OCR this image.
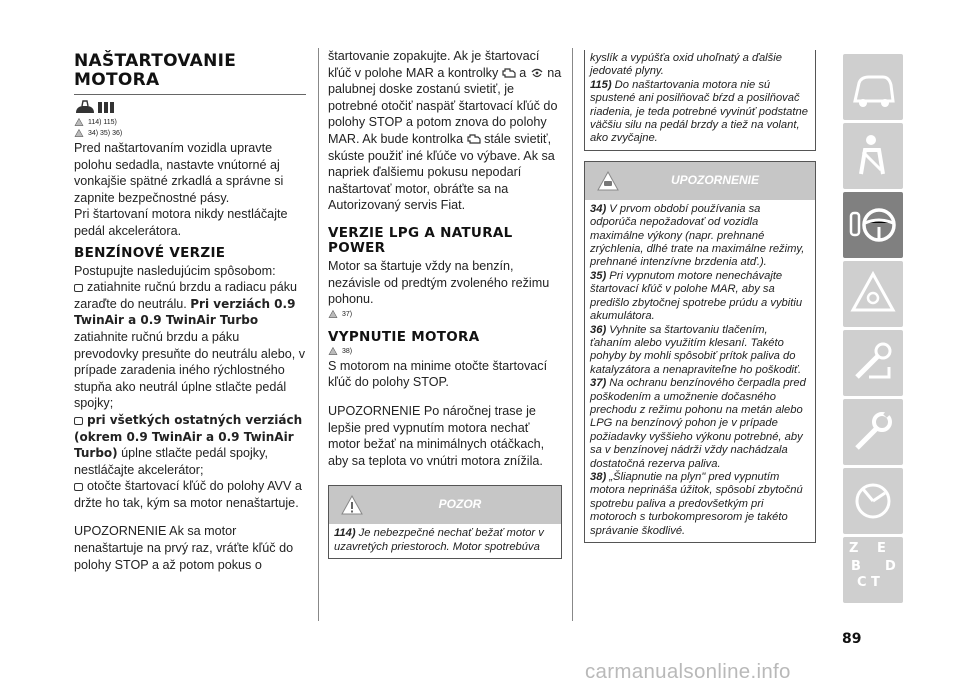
NAŠTARTOVANIE
MOTORA
114) 115)
34) 35) 36)

Pred naštartovaním vozidla upravte polohu sedadla, nastavte vnútorné aj vonkajšie spätné zrkadlá a správne si zapnite bezpečnostné pásy.

Pri štartovaní motora nikdy nestláčajte pedál akcelerátora.

BENZÍNOVÉ VERZIE

Postupujte nasledujúcim spôsobom:

zatiahnite ručnú brzdu a radiacu páku zaraďte do neutrálu. Pri verziách 0.9 TwinAir a 0.9 TwinAir Turbo zatiahnite ručnú brzdu a páku prevodovky presuňte do neutrálu alebo, v prípade zaradenia iného rýchlostného stupňa ako neutrál úplne stlačte pedál spojky;

pri všetkých ostatných verziách (okrem 0.9 TwinAir a 0.9 TwinAir Turbo) úplne stlačte pedál spojky, nestláčajte akcelerátor;

otočte štartovací kľúč do polohy AVV a držte ho tak, kým sa motor nenaštartuje.

UPOZORNENIE Ak sa motor nenaštartuje na prvý raz, vráťte kľúč do polohy STOP a až potom pokus o

štartovanie zopakujte. Ak je štartovací kľúč v polohe MAR a kontrolky a na palubnej doske zostanú svietiť, je potrebné otočiť naspäť štartovací kľúč do polohy STOP a potom znova do polohy MAR. Ak bude kontrolka stále svietiť, skúste použiť iné kľúče vo výbave. Ak sa napriek ďalšiemu pokusu nepodarí naštartovať motor, obráťte sa na Autorizovaný servis Fiat.

VERZIE LPG A NATURAL POWER

Motor sa štartuje vždy na benzín, nezávisle od predtým zvoleného režimu pohonu.

37)
VYPNUTIE MOTORA
38)

S motorom na minime otočte štartovací kľúč do polohy STOP.

UPOZORNENIE Po náročnej trase je lepšie pred vypnutím motora nechať motor bežať na minimálnych otáčkach, aby sa teplota vo vnútri motora znížila.

POZOR

114) Je nebezpečné nechať bežať motor v uzavretých priestoroch. Motor spotrebúva

kyslík a vypúšťa oxid uhoľnatý a ďalšie jedovaté plyny.

115) Do naštartovania motora nie sú spustené ani posilňovač bŕzd a posilňovač riadenia, je teda potrebné vyvinúť podstatne väčšiu silu na pedál brzdy a tiež na volant, ako zvyčajne.

UPOZORNENIE

34) V prvom období používania sa odporúča nepožadovať od vozidla maximálne výkony (napr. prehnané zrýchlenia, dlhé trate na maximálne režimy, prehnané intenzívne brzdenia atď.).

35) Pri vypnutom motore nenechávajte štartovací kľúč v polohe MAR, aby sa predišlo zbytočnej spotrebe prúdu a vybitiu akumulátora.

36) Vyhnite sa štartovaniu tlačením, ťahaním alebo využitím klesaní. Takéto pohyby by mohli spôsobiť prítok paliva do katalyzátora a nenapraviteľne ho poškodiť.

37) Na ochranu benzínového čerpadla pred poškodením a umožnenie dočasného prechodu z režimu pohonu na metán alebo LPG na benzínový pohon je v prípade požiadavky vyššieho výkonu potrebné, aby sa v benzínovej nádrži vždy nachádzala dostatočná rezerva paliva.

38) „Šliapnutie na plyn" pred vypnutím motora neprináša úžitok, spôsobí zbytočnú spotrebu paliva a predovšetkým pri motoroch s turbokompresorom je takéto správanie škodlivé.

Z E
B
C T
D
89
carmanualsonline.info
